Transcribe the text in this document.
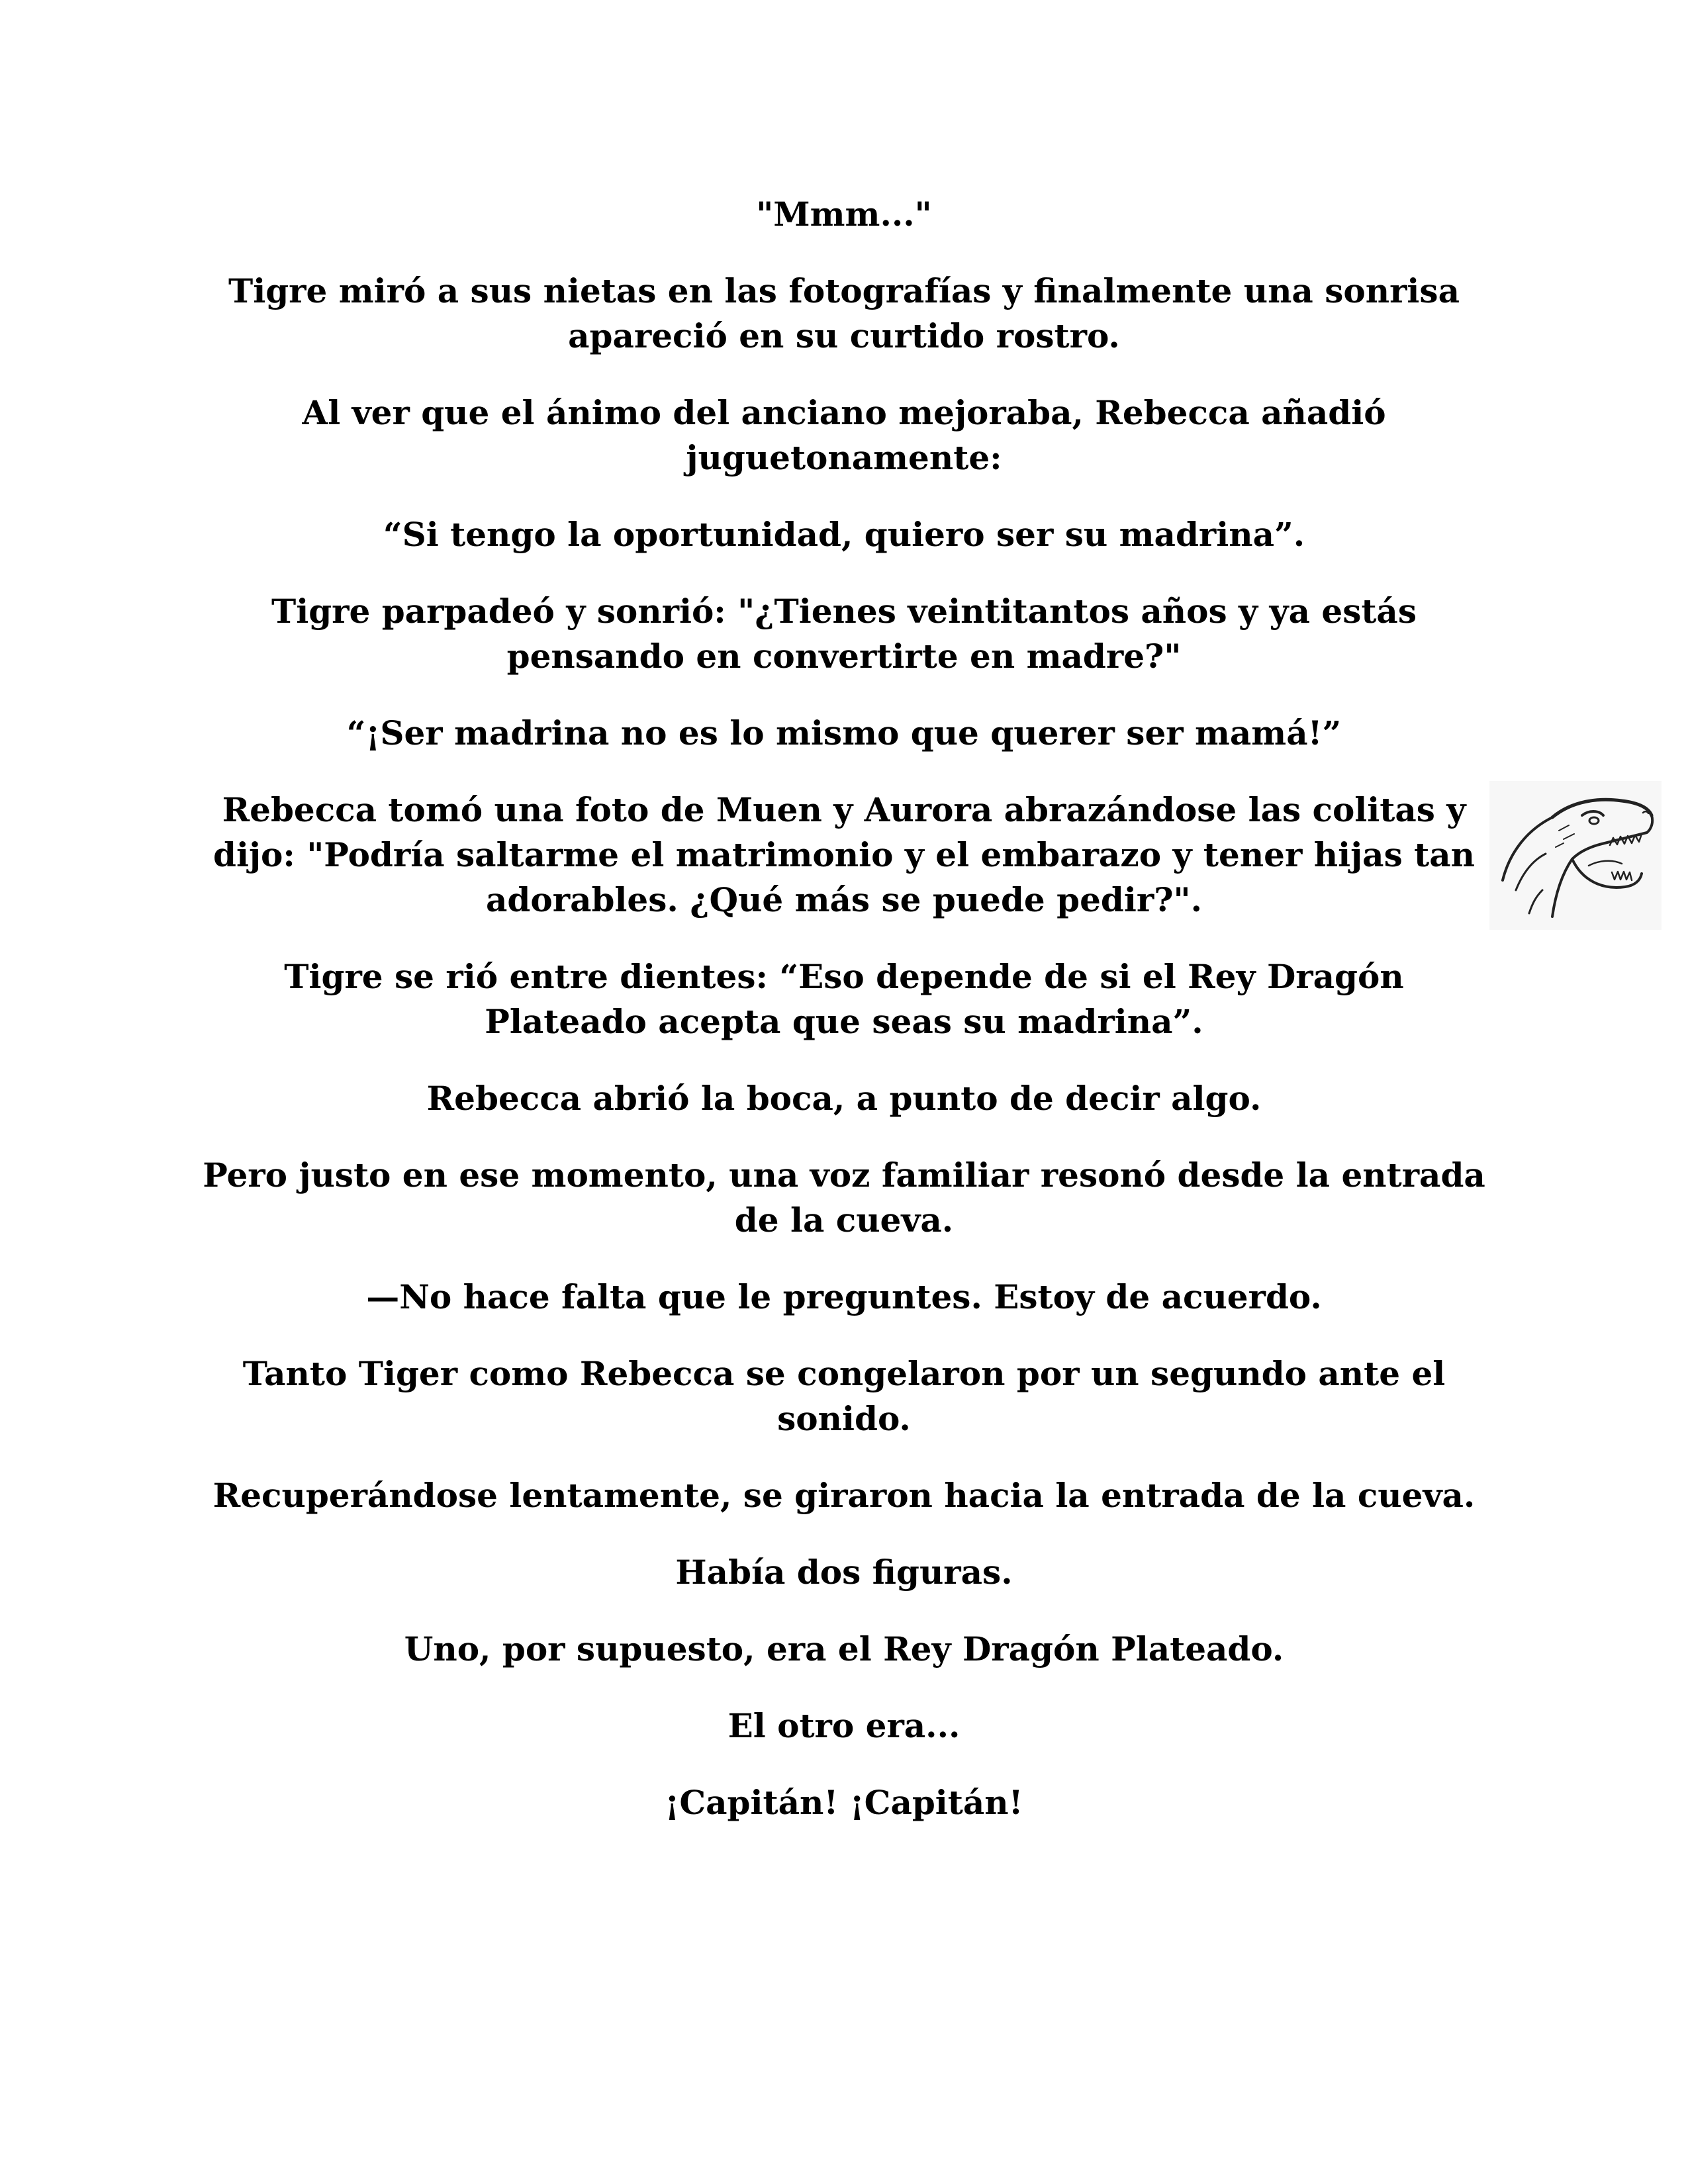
"Mmm..."

Tigre miró a sus nietas en las fotografías y finalmente una sonrisa apareció en su curtido rostro.

Al ver que el ánimo del anciano mejoraba, Rebecca añadió juguetonamente:

“Si tengo la oportunidad, quiero ser su madrina”.

Tigre parpadeó y sonrió: "¿Tienes veintitantos años y ya estás pensando en convertirte en madre?"

“¡Ser madrina no es lo mismo que querer ser mamá!”

Rebecca tomó una foto de Muen y Aurora abrazándose las colitas y dijo: "Podría saltarme el matrimonio y el embarazo y tener hijas tan adorables. ¿Qué más se puede pedir?".

Tigre se rió entre dientes: “Eso depende de si el Rey Dragón Plateado acepta que seas su madrina”.

Rebecca abrió la boca, a punto de decir algo.

Pero justo en ese momento, una voz familiar resonó desde la entrada de la cueva.

—No hace falta que le preguntes. Estoy de acuerdo.

Tanto Tiger como Rebecca se congelaron por un segundo ante el sonido.

Recuperándose lentamente, se giraron hacia la entrada de la cueva.

Había dos figuras.

Uno, por supuesto, era el Rey Dragón Plateado.

El otro era...

¡Capitán! ¡Capitán!
